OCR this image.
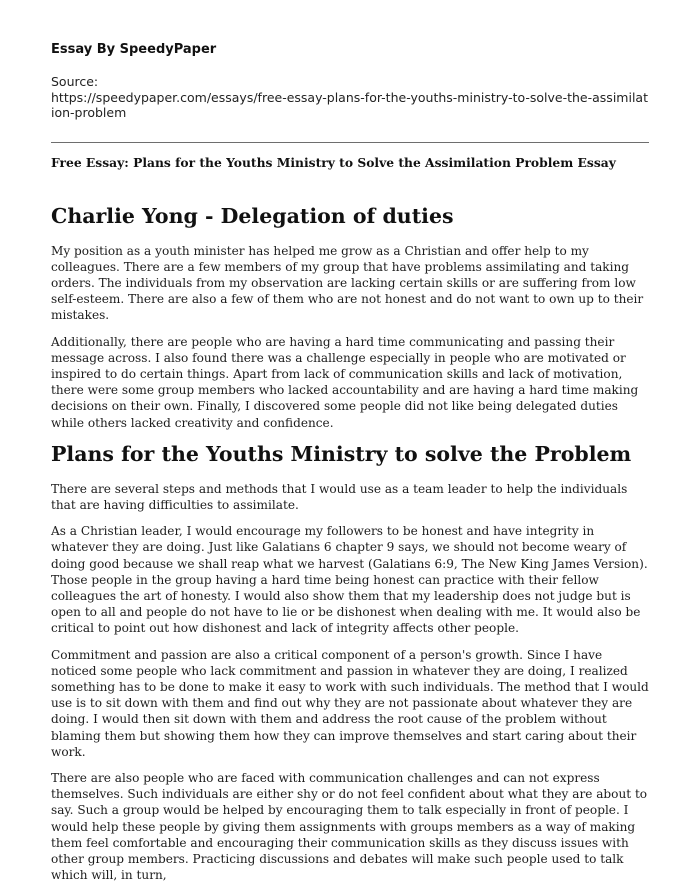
Essay By SpeedyPaper
Source:
https://speedypaper.com/essays/free-essay-plans-for-the-youths-ministry-to-solve-the-assimilation-problem
Free Essay: Plans for the Youths Ministry to Solve the Assimilation Problem Essay
Charlie Yong - Delegation of duties

My position as a youth minister has helped me grow as a Christian and offer help to my colleagues. There are a few members of my group that have problems assimilating and taking orders. The individuals from my observation are lacking certain skills or are suffering from low self-esteem. There are also a few of them who are not honest and do not want to own up to their mistakes.

Additionally, there are people who are having a hard time communicating and passing their message across. I also found there was a challenge especially in people who are motivated or inspired to do certain things. Apart from lack of communication skills and lack of motivation, there were some group members who lacked accountability and are having a hard time making decisions on their own. Finally, I discovered some people did not like being delegated duties while others lacked creativity and confidence.

Plans for the Youths Ministry to solve the Problem

There are several steps and methods that I would use as a team leader to help the individuals that are having difficulties to assimilate.

As a Christian leader, I would encourage my followers to be honest and have integrity in whatever they are doing. Just like Galatians 6 chapter 9 says, we should not become weary of doing good because we shall reap what we harvest (Galatians 6:9, The New King James Version). Those people in the group having a hard time being honest can practice with their fellow colleagues the art of honesty. I would also show them that my leadership does not judge but is open to all and people do not have to lie or be dishonest when dealing with me. It would also be critical to point out how dishonest and lack of integrity affects other people.

Commitment and passion are also a critical component of a person's growth. Since I have noticed some people who lack commitment and passion in whatever they are doing, I realized something has to be done to make it easy to work with such individuals. The method that I would use is to sit down with them and find out why they are not passionate about whatever they are doing. I would then sit down with them and address the root cause of the problem without blaming them but showing them how they can improve themselves and start caring about their work.

There are also people who are faced with communication challenges and can not express themselves. Such individuals are either shy or do not feel confident about what they are about to say. Such a group would be helped by encouraging them to talk especially in front of people. I would help these people by giving them assignments with groups members as a way of making them feel comfortable and encouraging their communication skills as they discuss issues with other group members. Practicing discussions and debates will make such people used to talk which will, in turn,
